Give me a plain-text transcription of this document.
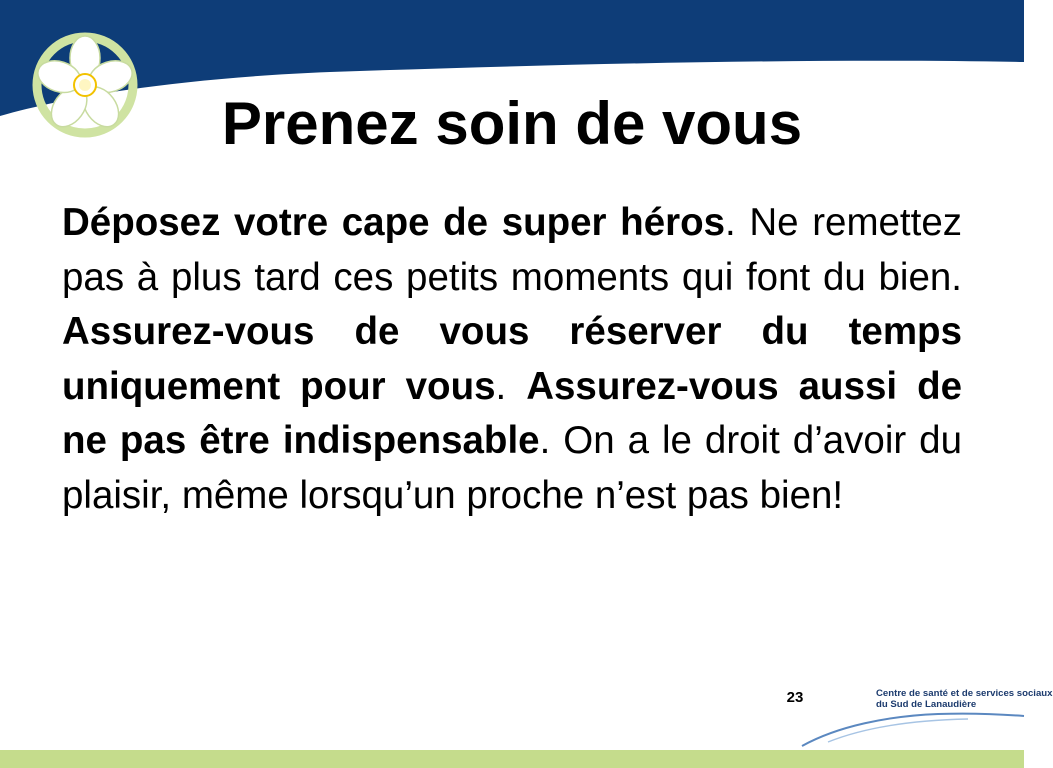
Prenez soin de vous

Déposez votre cape de super héros. Ne remettez pas à plus tard ces petits moments qui font du bien. Assurez-vous de vous réserver du temps uniquement pour vous. Assurez-vous aussi de ne pas être indispensable. On a le droit d’avoir du plaisir, même lorsqu’un proche n’est pas bien!

23	Centre de santé et de services sociaux
du Sud de Lanaudière
